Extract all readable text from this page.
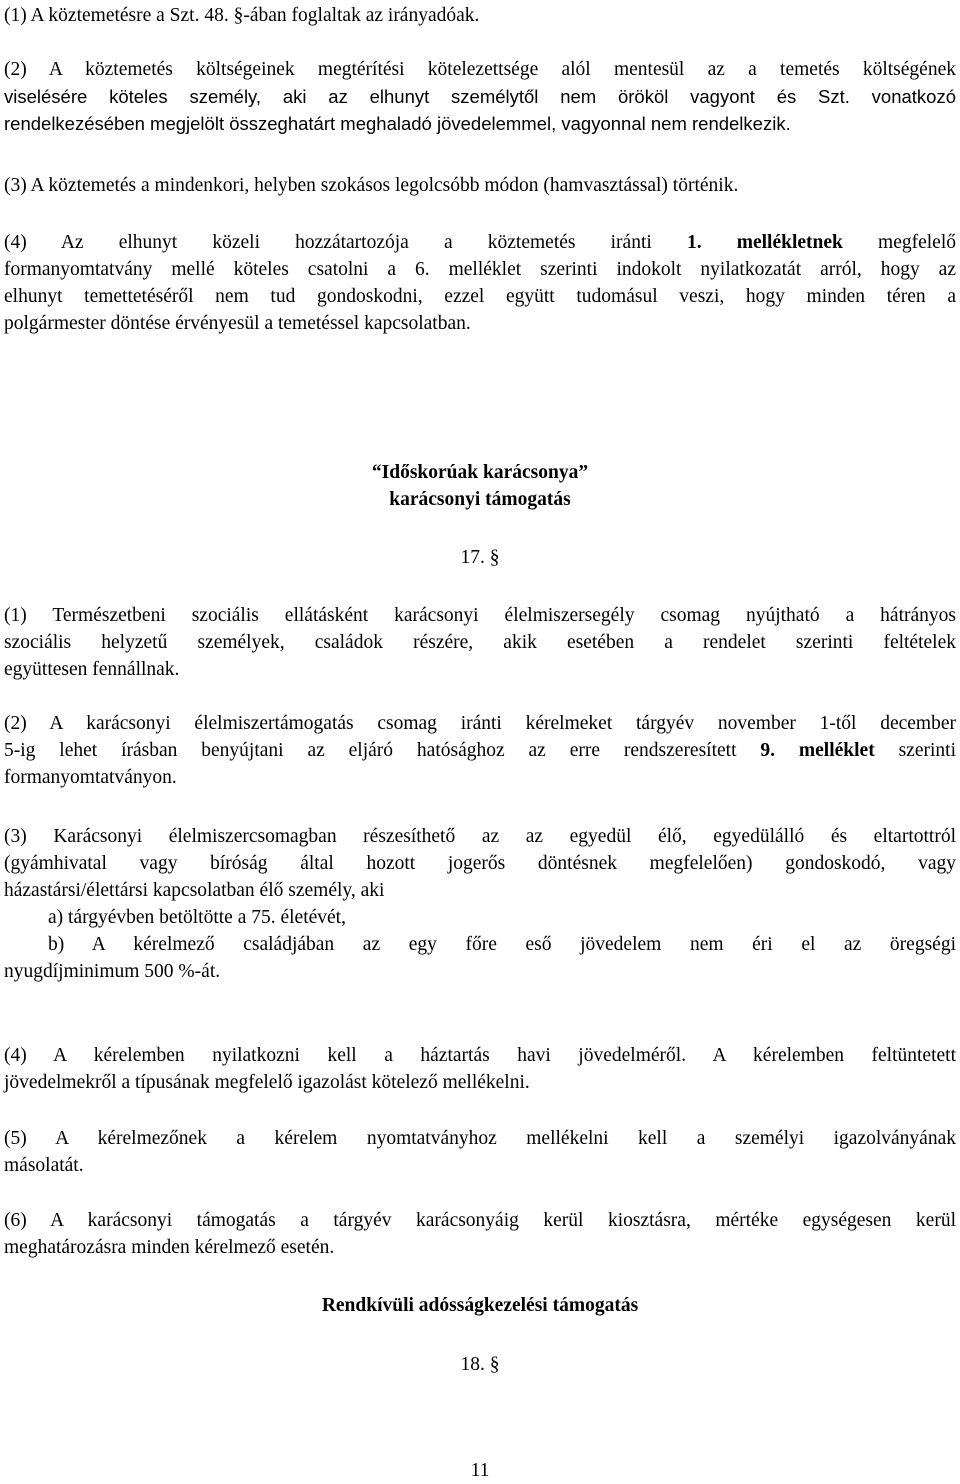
(1) A köztemetésre a Szt. 48. §-ában foglaltak az irányadóak.
(2) A köztemetés költségeinek megtérítési kötelezettsége alól mentesül az a temetés költségének
viselésére köteles személy, aki az elhunyt személytől nem örököl vagyont és Szt. vonatkozó
rendelkezésében megjelölt összeghatárt meghaladó jövedelemmel, vagyonnal nem rendelkezik.
(3) A köztemetés a mindenkori, helyben szokásos legolcsóbb módon (hamvasztással) történik.
(4) Az elhunyt közeli hozzátartozója a köztemetés iránti 1. mellékletnek megfelelő
formanyomtatvány mellé köteles csatolni a 6. melléklet szerinti indokolt nyilatkozatát arról, hogy az
elhunyt temettetéséről nem tud gondoskodni, ezzel együtt tudomásul veszi, hogy minden téren a
polgármester döntése érvényesül a temetéssel kapcsolatban.
“Időskorúak karácsonya”
karácsonyi támogatás
17. §
(1) Természetbeni szociális ellátásként karácsonyi élelmiszersegély csomag nyújtható a hátrányos
szociális helyzetű személyek, családok részére, akik esetében a rendelet szerinti feltételek
együttesen fennállnak.
(2) A karácsonyi élelmiszertámogatás csomag iránti kérelmeket tárgyév november 1-től december
5-ig lehet írásban benyújtani az eljáró hatósághoz az erre rendszeresített 9. melléklet szerinti
formanyomtatványon.
(3) Karácsonyi élelmiszercsomagban részesíthető az az egyedül élő, egyedülálló és eltartottról
(gyámhivatal vagy bíróság által hozott jogerős döntésnek megfelelően) gondoskodó, vagy
házastársi/élettársi kapcsolatban élő személy, aki
a) tárgyévben betöltötte a 75. életévét,
b) A kérelmező családjában az egy főre eső jövedelem nem éri el az öregségi
nyugdíjminimum 500 %-át.
(4) A kérelemben nyilatkozni kell a háztartás havi jövedelméről. A kérelemben feltüntetett
jövedelmekről a típusának megfelelő igazolást kötelező mellékelni.
(5) A kérelmezőnek a kérelem nyomtatványhoz mellékelni kell a személyi igazolványának
másolatát.
(6) A karácsonyi támogatás a tárgyév karácsonyáig kerül kiosztásra, mértéke egységesen kerül
meghatározásra minden kérelmező esetén.
Rendkívüli adósságkezelési támogatás
18. §
11
